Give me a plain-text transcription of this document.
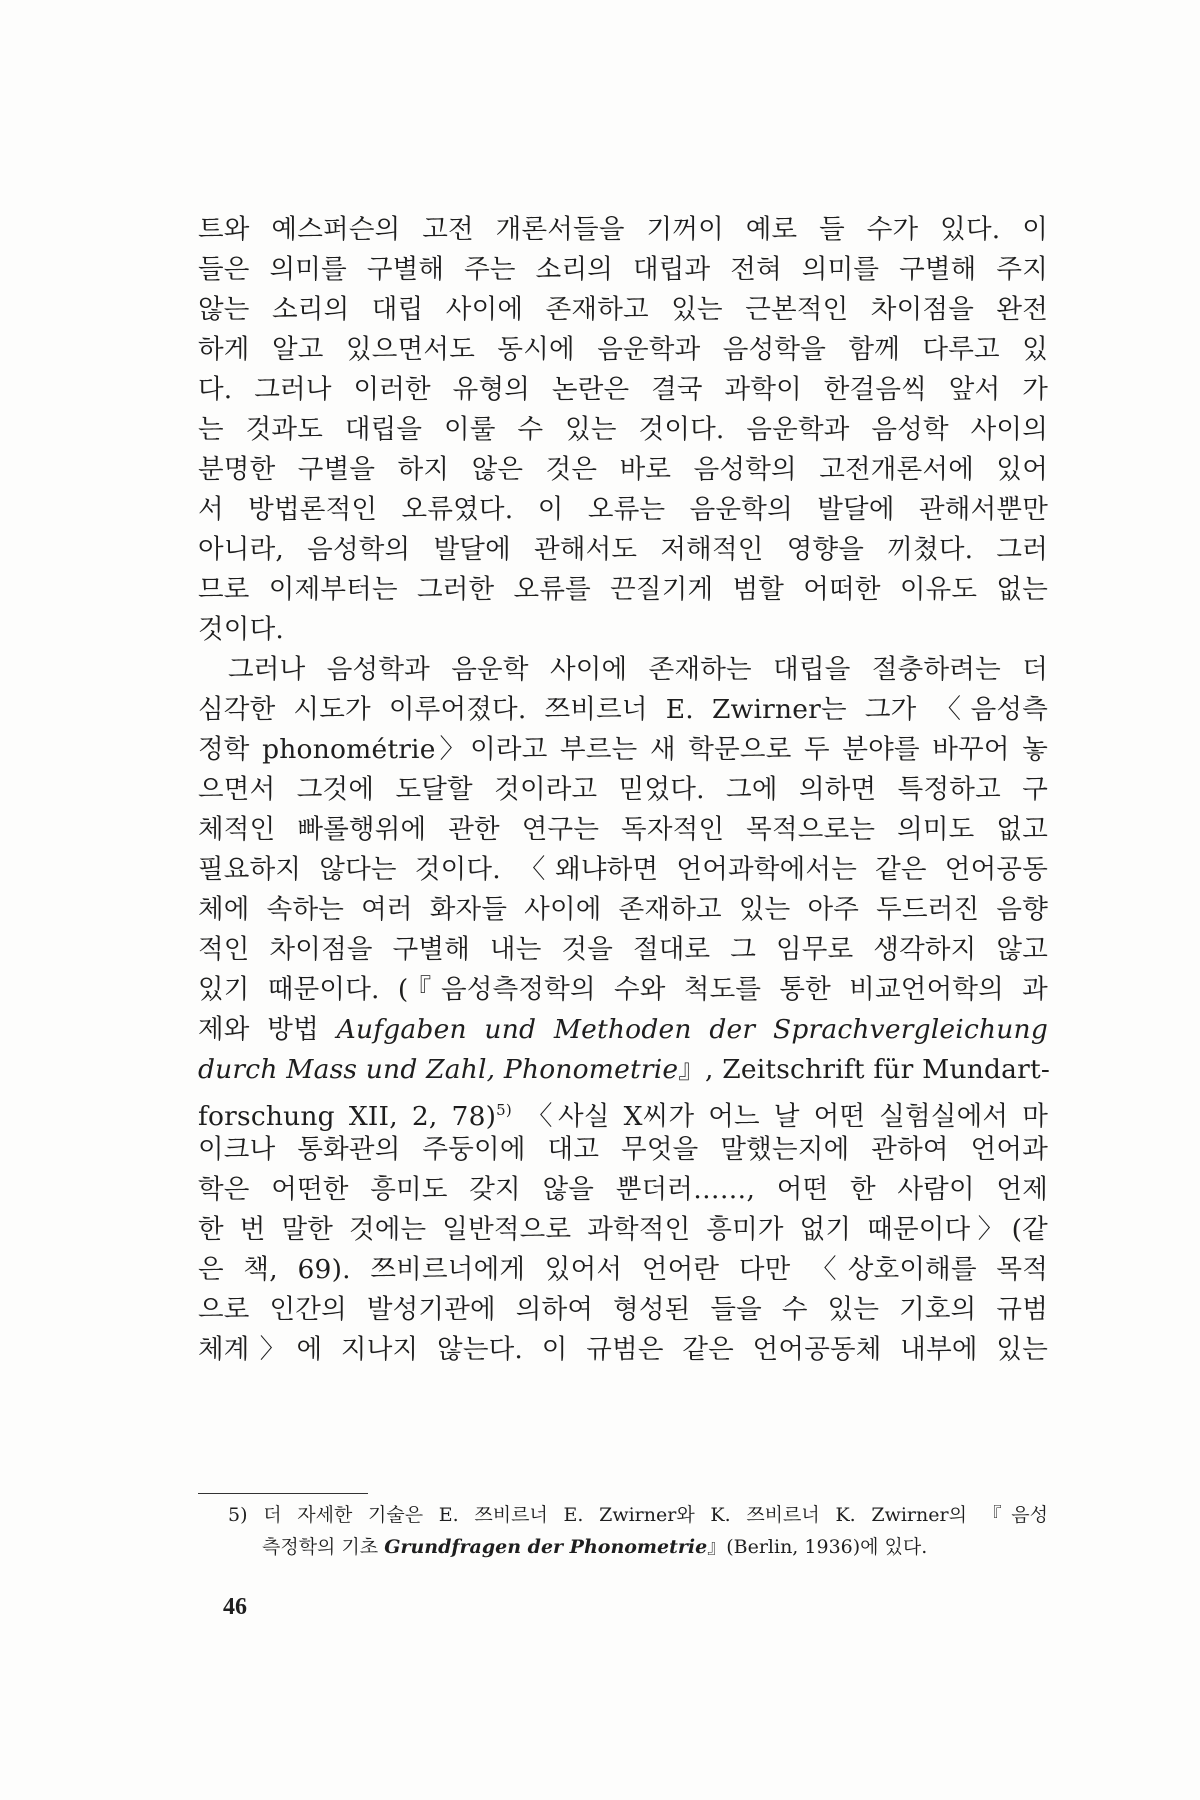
트와 예스퍼슨의 고전 개론서들을 기꺼이 예로 들 수가 있다. 이
들은 의미를 구별해 주는 소리의 대립과 전혀 의미를 구별해 주지
않는 소리의 대립 사이에 존재하고 있는 근본적인 차이점을 완전
하게 알고 있으면서도 동시에 음운학과 음성학을 함께 다루고 있
다. 그러나 이러한 유형의 논란은 결국 과학이 한걸음씩 앞서 가
는 것과도 대립을 이룰 수 있는 것이다. 음운학과 음성학 사이의
분명한 구별을 하지 않은 것은 바로 음성학의 고전개론서에 있어
서 방법론적인 오류였다. 이 오류는 음운학의 발달에 관해서뿐만
아니라, 음성학의 발달에 관해서도 저해적인 영향을 끼쳤다. 그러
므로 이제부터는 그러한 오류를 끈질기게 범할 어떠한 이유도 없는
것이다.
그러나 음성학과 음운학 사이에 존재하는 대립을 절충하려는 더
심각한 시도가 이루어졌다. 쯔비르너 E. Zwirner는 그가 〈음성측
정학 phonométrie〉이라고 부르는 새 학문으로 두 분야를 바꾸어 놓
으면서 그것에 도달할 것이라고 믿었다. 그에 의하면 특정하고 구
체적인 빠롤행위에 관한 연구는 독자적인 목적으로는 의미도 없고
필요하지 않다는 것이다. 〈왜냐하면 언어과학에서는 같은 언어공동
체에 속하는 여러 화자들 사이에 존재하고 있는 아주 두드러진 음향
적인 차이점을 구별해 내는 것을 절대로 그 임무로 생각하지 않고
있기 때문이다. (『음성측정학의 수와 척도를 통한 비교언어학의 과
제와 방법 Aufgaben und Methoden der Sprachvergleichung
durch Mass und Zahl, Phonometrie』, Zeitschrift für Mundart-
forschung XII, 2, 78)$^{5)}$ 〈사실 X씨가 어느 날 어떤 실험실에서 마
이크나 통화관의 주둥이에 대고 무엇을 말했는지에 관하여 언어과
학은 어떤한 흥미도 갖지 않을 뿐더러……, 어떤 한 사람이 언제
한 번 말한 것에는 일반적으로 과학적인 흥미가 없기 때문이다〉(같
은 책, 69). 쯔비르너에게 있어서 언어란 다만 〈상호이해를 목적
으로 인간의 발성기관에 의하여 형성된 들을 수 있는 기호의 규범
체계〉에 지나지 않는다. 이 규범은 같은 언어공동체 내부에 있는
5) 더 자세한 기술은 E. 쯔비르너 E. Zwirner와 K. 쯔비르너 K. Zwirner의 『음성
측정학의 기초 Grundfragen der Phonometrie』(Berlin, 1936)에 있다.
46
